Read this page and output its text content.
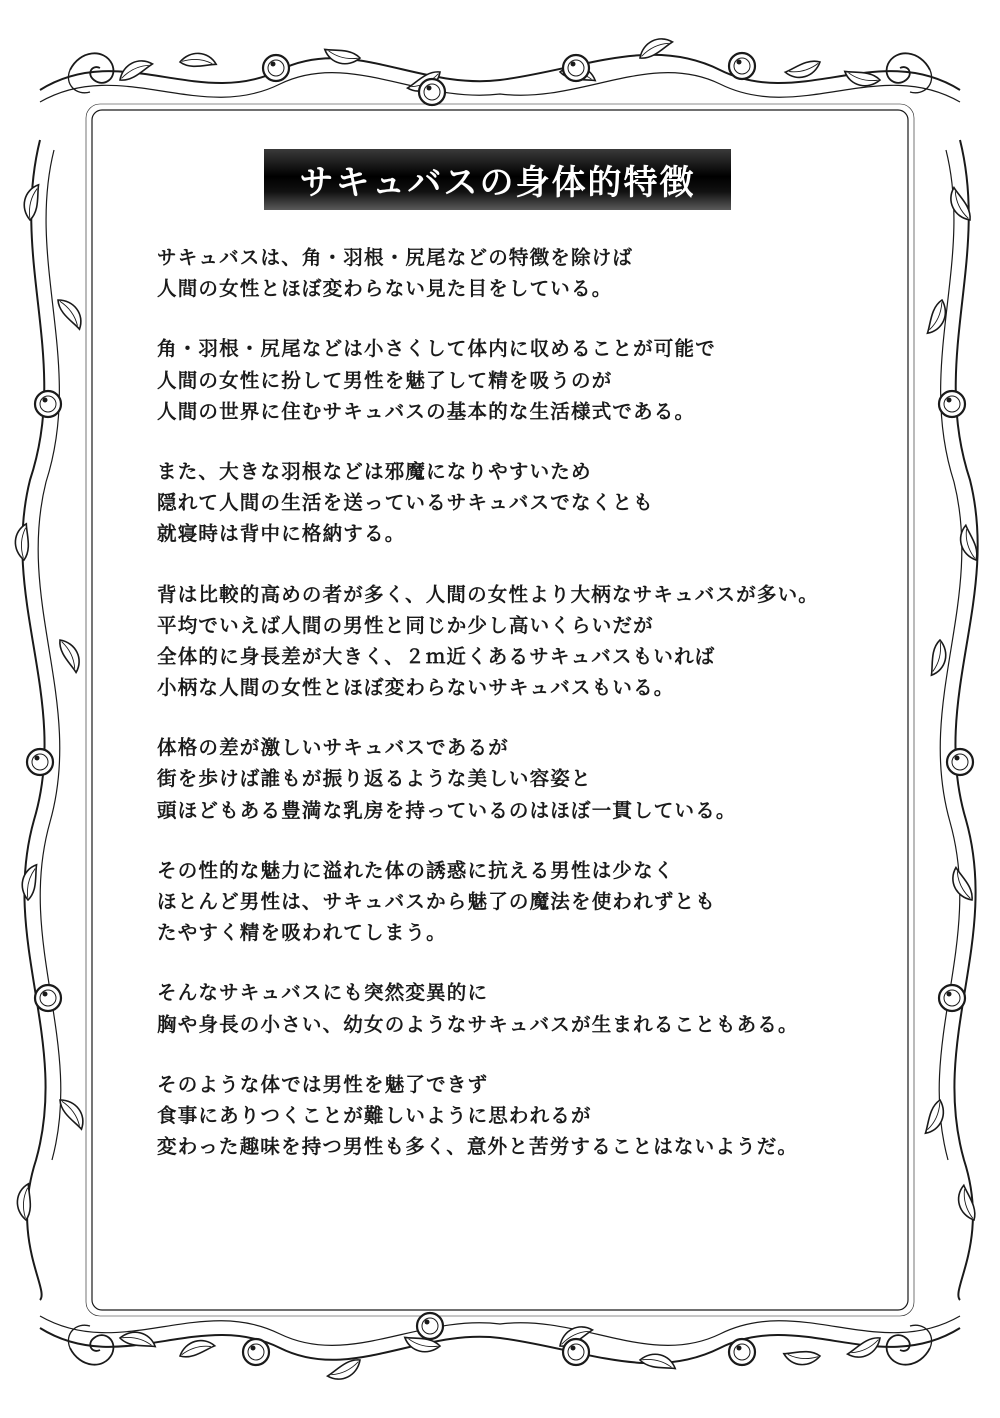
サキュバスの身体的特徴
サキュバスは、角・羽根・尻尾などの特徴を除けば
人間の女性とほぼ変わらない見た目をしている。
角・羽根・尻尾などは小さくして体内に収めることが可能で
人間の女性に扮して男性を魅了して精を吸うのが
人間の世界に住むサキュバスの基本的な生活様式である。
また、大きな羽根などは邪魔になりやすいため
隠れて人間の生活を送っているサキュバスでなくとも
就寝時は背中に格納する。
背は比較的高めの者が多く、人間の女性より大柄なサキュバスが多い。
平均でいえば人間の男性と同じか少し高いくらいだが
全体的に身長差が大きく、２ｍ近くあるサキュバスもいれば
小柄な人間の女性とほぼ変わらないサキュバスもいる。
体格の差が激しいサキュバスであるが
街を歩けば誰もが振り返るような美しい容姿と
頭ほどもある豊満な乳房を持っているのはほぼ一貫している。
その性的な魅力に溢れた体の誘惑に抗える男性は少なく
ほとんど男性は、サキュバスから魅了の魔法を使われずとも
たやすく精を吸われてしまう。
そんなサキュバスにも突然変異的に
胸や身長の小さい、幼女のようなサキュバスが生まれることもある。
そのような体では男性を魅了できず
食事にありつくことが難しいように思われるが
変わった趣味を持つ男性も多く、意外と苦労することはないようだ。
